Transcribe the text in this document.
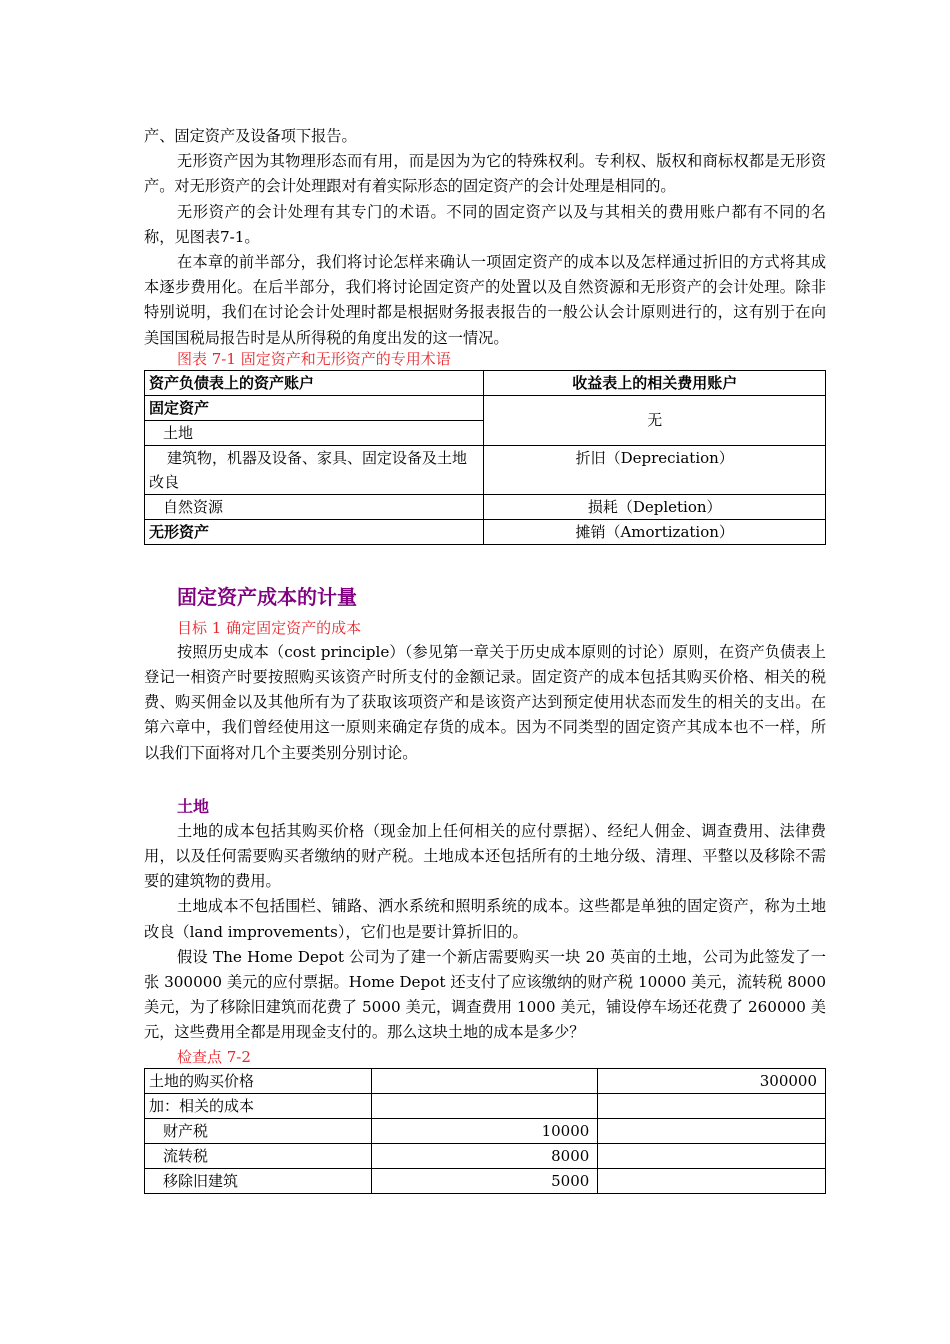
产、固定资产及设备项下报告。

无形资产因为其物理形态而有用，而是因为为它的特殊权利。专利权、版权和商标权都是无形资产。对无形资产的会计处理跟对有着实际形态的固定资产的会计处理是相同的。

无形资产的会计处理有其专门的术语。不同的固定资产以及与其相关的费用账户都有不同的名称，见图表7-1。

在本章的前半部分，我们将讨论怎样来确认一项固定资产的成本以及怎样通过折旧的方式将其成本逐步费用化。在后半部分，我们将讨论固定资产的处置以及自然资源和无形资产的会计处理。除非特别说明，我们在讨论会计处理时都是根据财务报表报告的一般公认会计原则进行的，这有别于在向美国国税局报告时是从所得税的角度出发的这一情况。

图表 7-1 固定资产和无形资产的专用术语
资产负债表上的资产账户	收益表上的相关费用账户
固定资产	无
土地	
建筑物，机器及设备、家具、固定设备及土地改良	折旧（Depreciation）
自然资源	损耗（Depletion）
无形资产	摊销（Amortization）
固定资产成本的计量
目标 1 确定固定资产的成本

按照历史成本（cost principle）（参见第一章关于历史成本原则的讨论）原则，在资产负债表上登记一相资产时要按照购买该资产时所支付的金额记录。固定资产的成本包括其购买价格、相关的税费、购买佣金以及其他所有为了获取该项资产和是该资产达到预定使用状态而发生的相关的支出。在第六章中，我们曾经使用这一原则来确定存货的成本。因为不同类型的固定资产其成本也不一样，所以我们下面将对几个主要类别分别讨论。

土地

土地的成本包括其购买价格（现金加上任何相关的应付票据）、经纪人佣金、调查费用、法律费用，以及任何需要购买者缴纳的财产税。土地成本还包括所有的土地分级、清理、平整以及移除不需要的建筑物的费用。

土地成本不包括围栏、铺路、洒水系统和照明系统的成本。这些都是单独的固定资产，称为土地改良（land improvements），它们也是要计算折旧的。

假设 The Home Depot 公司为了建一个新店需要购买一块 20 英亩的土地，公司为此签发了一张 300000 美元的应付票据。Home Depot 还支付了应该缴纳的财产税 10000 美元，流转税 8000 美元，为了移除旧建筑而花费了 5000 美元，调查费用 1000 美元，铺设停车场还花费了 260000 美元，这些费用全都是用现金支付的。那么这块土地的成本是多少？

检查点 7-2
土地的购买价格		300000
加：相关的成本		
财产税	10000	
流转税	8000	
移除旧建筑	5000	
